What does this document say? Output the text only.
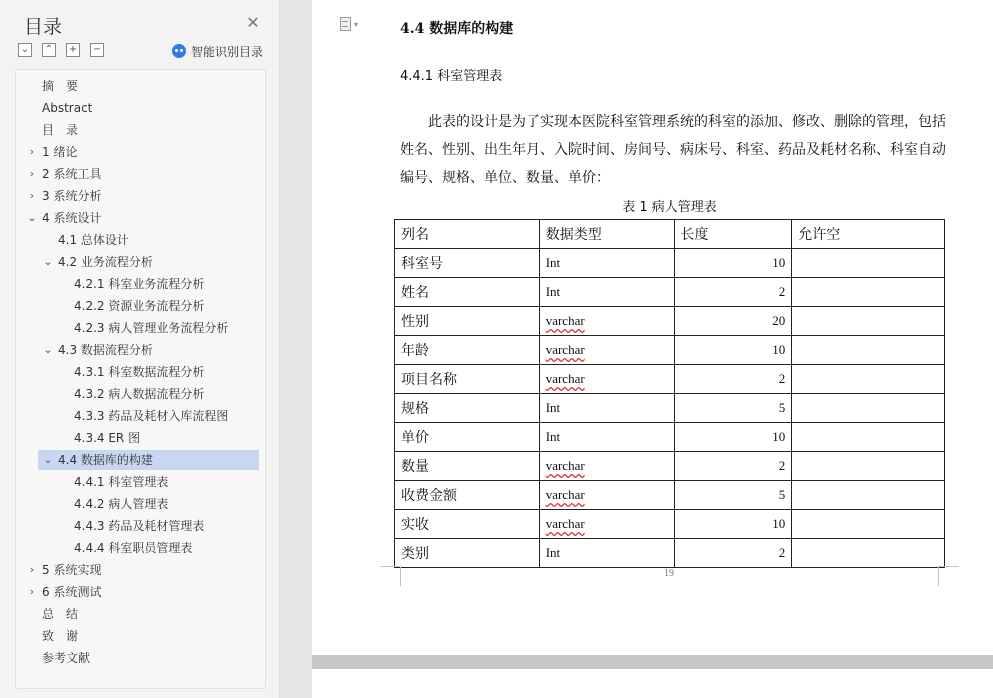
目录	✕
⌄ ⌃ + −	智能识别目录
摘　要
Abstract
目　录
› 1 绪论
› 2 系统工具
› 3 系统分析
⌄ 4 系统设计
4.1 总体设计
⌄ 4.2 业务流程分析
4.2.1 科室业务流程分析
4.2.2 资源业务流程分析
4.2.3 病人管理业务流程分析
⌄ 4.3 数据流程分析
4.3.1 科室数据流程分析
4.3.2 病人数据流程分析
4.3.3 药品及耗材入库流程图
4.3.4 ER 图
⌄ 4.4 数据库的构建
4.4.1 科室管理表
4.4.2 病人管理表
4.4.3 药品及耗材管理表
4.4.4 科室职员管理表
› 5 系统实现
› 6 系统测试
总　结
致　谢
参考文献
▾	4.4 数据库的构建
4.4.1 科室管理表
此表的设计是为了实现本医院科室管理系统的科室的添加、修改、删除的管理，包括姓名、性别、出生年月、入院时间、房间号、病床号、科室、药品及耗材名称、科室自动编号、规格、单位、数量、单价：
表 1 病人管理表
列名	数据类型	长度	允许空
科室号	Int	10	
姓名	Int	2	
性别	varchar	20	
年龄	varchar	10	
项目名称	varchar	2	
规格	Int	5	
单价	Int	10	
数量	varchar	2	
收费金额	varchar	5	
实收	varchar	10	
类别	Int	2	
19
